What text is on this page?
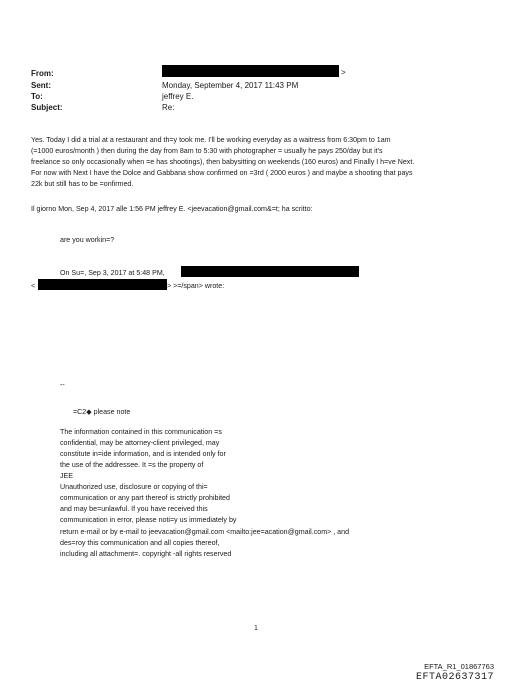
From:	>
Sent:	Monday, September 4, 2017 11:43 PM
To:	jeffrey E.
Subject:	Re:
Yes. Today I did a trial at a restaurant and th=y took me. I'll be working everyday as a waitress from 6:30pm to 1am
(=1000 euros/month ) then during the day from 8am to 5:30 with photographer = usually he pays 250/day but it's
freelance so only occasionally when =e has shootings), then babysitting on weekends (160 euros) and Finally I h=ve Next.
For now with Next I have the Dolce and Gabbana show confirmed on =3rd ( 2000 euros ) and maybe a shooting that pays
22k but still has to be =onfirmed.
Il giorno Mon, Sep 4, 2017 alle 1:56 PM jeffrey E. <jeevacation@gmail.com&=t; ha scritto:
are you workin=?
On Su=, Sep 3, 2017 at 5:48 PM,
<	> >=/span> wrote:
--
=C2◆ please note
The information contained in this communication =s
confidential, may be attorney-client privileged, may
constitute in=ide information, and is intended only for
the use of the addressee. It =s the property of
JEE
Unauthorized use, disclosure or copying of thi=
communication or any part thereof is strictly prohibited
and may be=unlawful. If you have received this
communication in error, please noti=y us immediately by
return e-mail or by e-mail to jeevacation@gmail.com <mailto:jee=acation@gmail.com> , and
des=roy this communication and all copies thereof,
including all attachment=. copyright -all rights reserved
1
EFTA_R1_01867763
EFTA02637317
